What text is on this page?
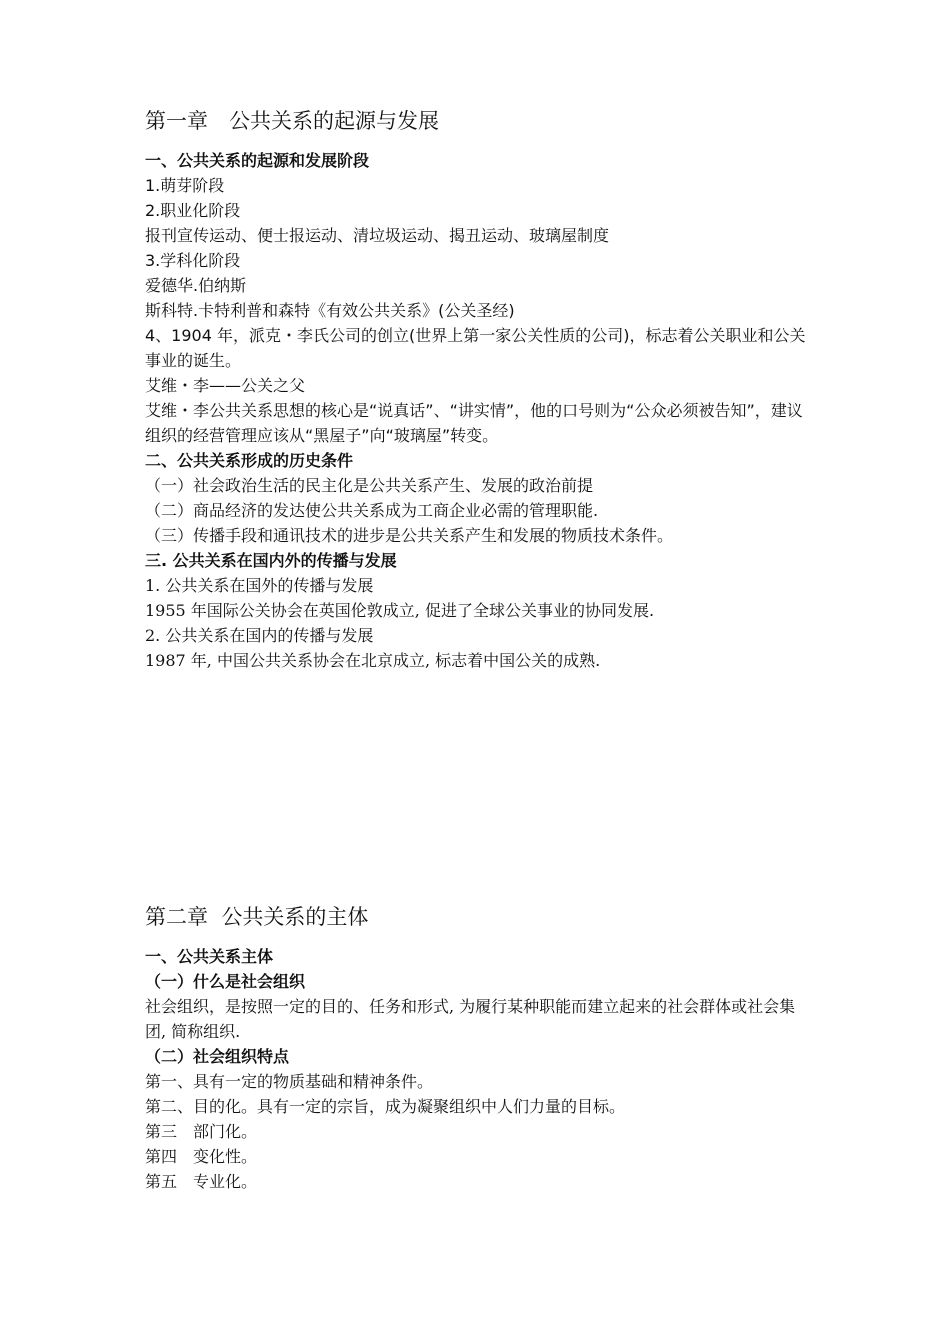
第一章　公共关系的起源与发展

一、公共关系的起源和发展阶段

1.萌芽阶段

2.职业化阶段

报刊宣传运动、便士报运动、清垃圾运动、揭丑运动、玻璃屋制度

3.学科化阶段

爱德华.伯纳斯

斯科特.卡特利普和森特《有效公共关系》(公关圣经)

4、1904 年，派克・李氏公司的创立(世界上第一家公关性质的公司)，标志着公关职业和公关事业的诞生。

艾维・李——公关之父

艾维・李公共关系思想的核心是“说真话”、“讲实情”，他的口号则为“公众必须被告知”，建议组织的经营管理应该从“黑屋子”向“玻璃屋”转变。

二、公共关系形成的历史条件

（一）社会政治生活的民主化是公共关系产生、发展的政治前提

（二）商品经济的发达使公共关系成为工商企业必需的管理职能.

（三）传播手段和通讯技术的进步是公共关系产生和发展的物质技术条件。

三. 公共关系在国内外的传播与发展

1. 公共关系在国外的传播与发展

1955 年国际公关协会在英国伦敦成立, 促进了全球公关事业的协同发展.

2. 公共关系在国内的传播与发展

1987 年, 中国公共关系协会在北京成立, 标志着中国公关的成熟.

第二章  公共关系的主体

一、公共关系主体

（一）什么是社会组织

社会组织，是按照一定的目的、任务和形式, 为履行某种职能而建立起来的社会群体或社会集团, 简称组织.

（二）社会组织特点

第一、具有一定的物质基础和精神条件。

第二、目的化。具有一定的宗旨，成为凝聚组织中人们力量的目标。

第三　部门化。

第四　变化性。

第五　专业化。
